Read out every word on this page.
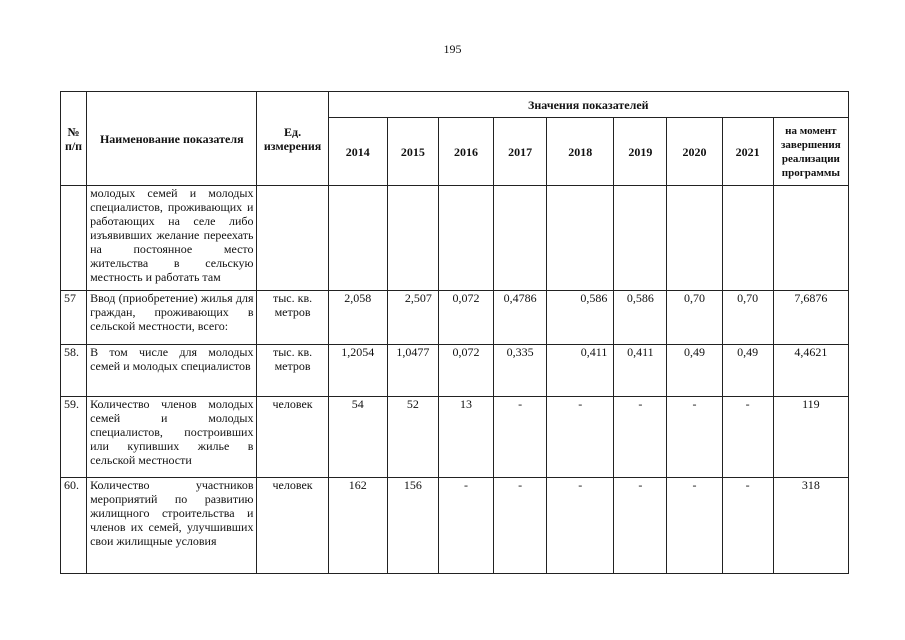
195
№ п/п	Наименование показателя	Ед. измерения	Значения показателей								
			2014	2015	2016	2017	2018	2019	2020	2021	на момент завершения реализации программы
	молодых семей и молодых специалистов, проживающих и работающих на селе либо изъявивших желание переехать на постоянное место жительства в сельскую местность и работать там										
57	Ввод (приобретение) жилья для граждан, проживающих в сельской местности, всего:	тыс. кв. метров	2,058	2,507	0,072	0,4786	0,586	0,586	0,70	0,70	7,6876
58.	В том числе для молодых семей и молодых специалистов	тыс. кв. метров	1,2054	1,0477	0,072	0,335	0,411	0,411	0,49	0,49	4,4621
59.	Количество членов молодых семей и молодых специалистов, построивших или купивших жилье в сельской местности	человек	54	52	13	-	-	-	-	-	119
60.	Количество участников мероприятий по развитию жилищного строительства и членов их семей, улучшивших свои жилищные условия	человек	162	156	-	-	-	-	-	-	318
